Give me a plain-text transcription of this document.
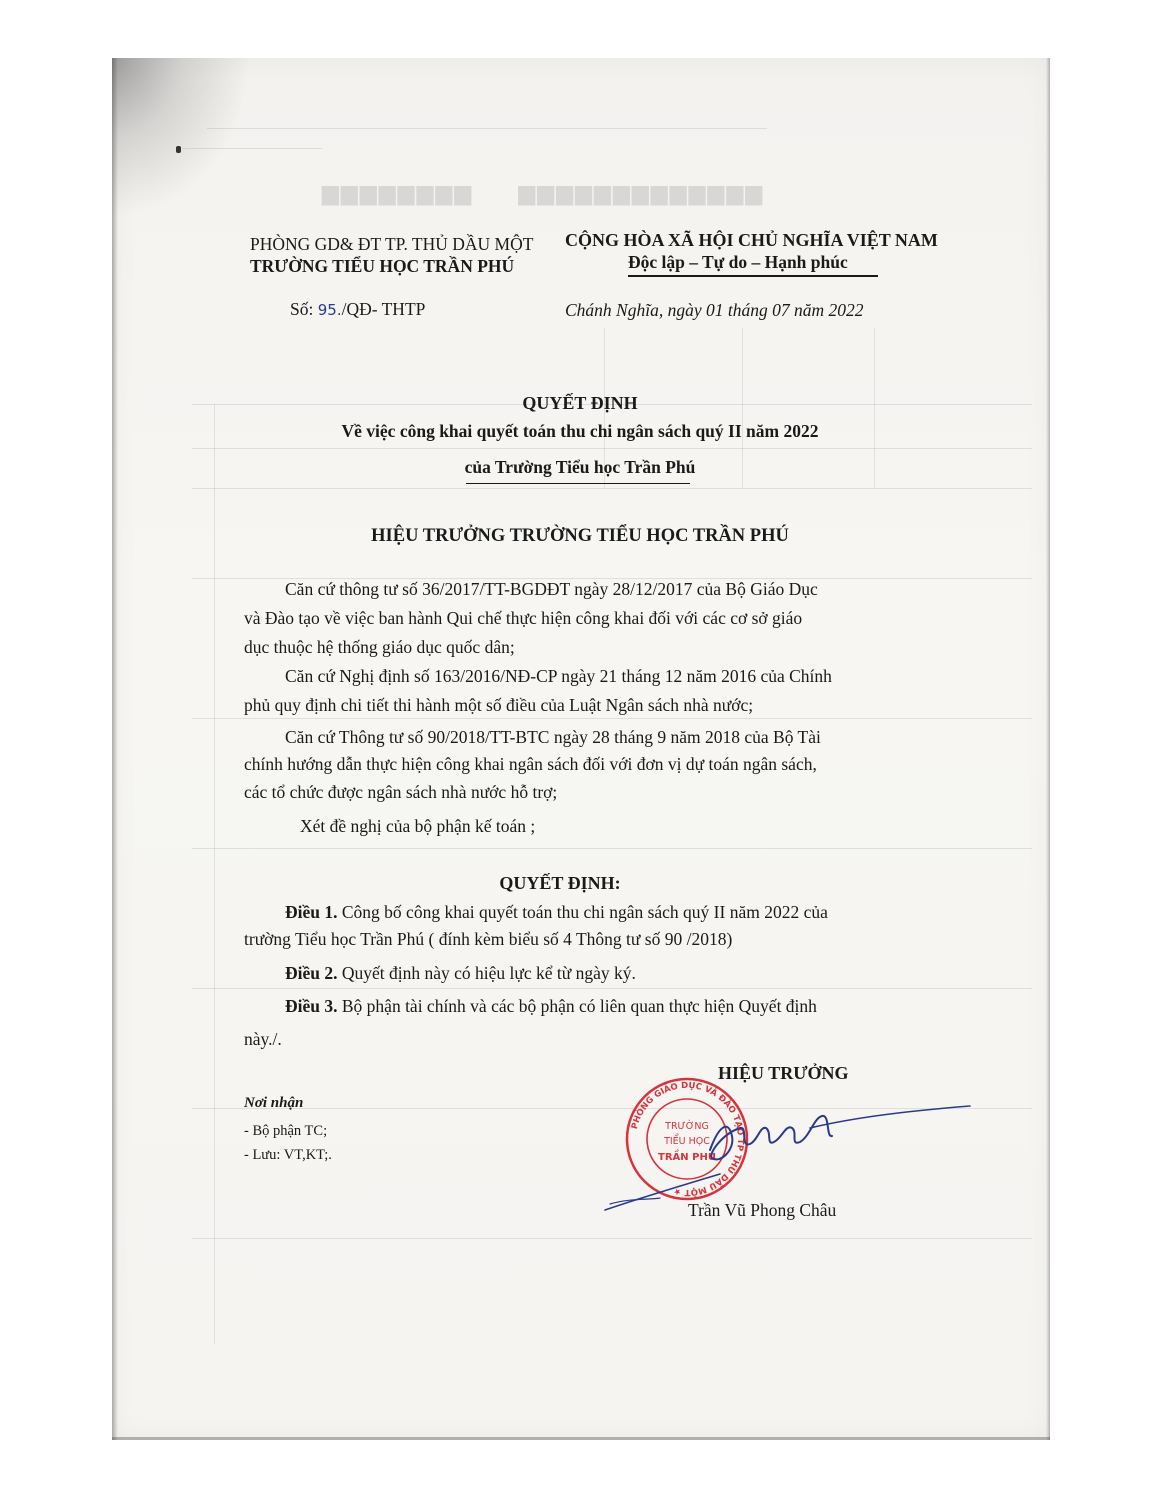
▆▆▆▆▆▆▆▆      ▆▆▆▆▆▆▆▆▆▆▆▆▆
PHÒNG GD& ĐT TP. THỦ DẦU MỘT
TRƯỜNG TIỂU HỌC TRẦN PHÚ
Số: 95./QĐ- THTP
CỘNG HÒA XÃ HỘI CHỦ NGHĨA VIỆT NAM
Độc lập – Tự do – Hạnh phúc
Chánh Nghĩa, ngày 01 tháng 07 năm 2022
QUYẾT ĐỊNH
Về việc công khai quyết toán thu chi ngân sách quý II năm 2022
của Trường Tiểu học Trần Phú
HIỆU TRƯỞNG TRƯỜNG TIỂU HỌC TRẦN PHÚ
Căn cứ thông tư số 36/2017/TT-BGDĐT ngày 28/12/2017 của Bộ Giáo Dục
và Đào tạo về việc ban hành Qui chế thực hiện công khai đối với các cơ sở giáo
dục thuộc hệ thống giáo dục quốc dân;
Căn cứ Nghị định số 163/2016/NĐ-CP ngày 21 tháng 12 năm 2016 của Chính
phủ quy định chi tiết thi hành một số điều của Luật Ngân sách nhà nước;
Căn cứ Thông tư số 90/2018/TT-BTC ngày 28 tháng 9 năm 2018 của Bộ Tài
chính hướng dẫn thực hiện công khai ngân sách đối với đơn vị dự toán ngân sách,
các tổ chức được ngân sách nhà nước hỗ trợ;
Xét đề nghị của bộ phận kế toán ;
QUYẾT ĐỊNH:
Điều 1. Công bố công khai quyết toán thu chi ngân sách quý II năm 2022 của
trường Tiểu học Trần Phú ( đính kèm biểu số 4 Thông tư số 90 /2018)
Điều 2. Quyết định này có hiệu lực kể từ ngày ký.
Điều 3. Bộ phận tài chính và các bộ phận có liên quan thực hiện Quyết định
này./.
Nơi nhận
- Bộ phận TC;
- Lưu: VT,KT;.
HIỆU TRƯỞNG
PHÒNG GIÁO DỤC VÀ ĐÀO TẠO TP THỦ DẦU MỘT ★
TRƯỜNG
TIỂU HỌC
TRẦN PHÚ
Trần Vũ Phong Châu
